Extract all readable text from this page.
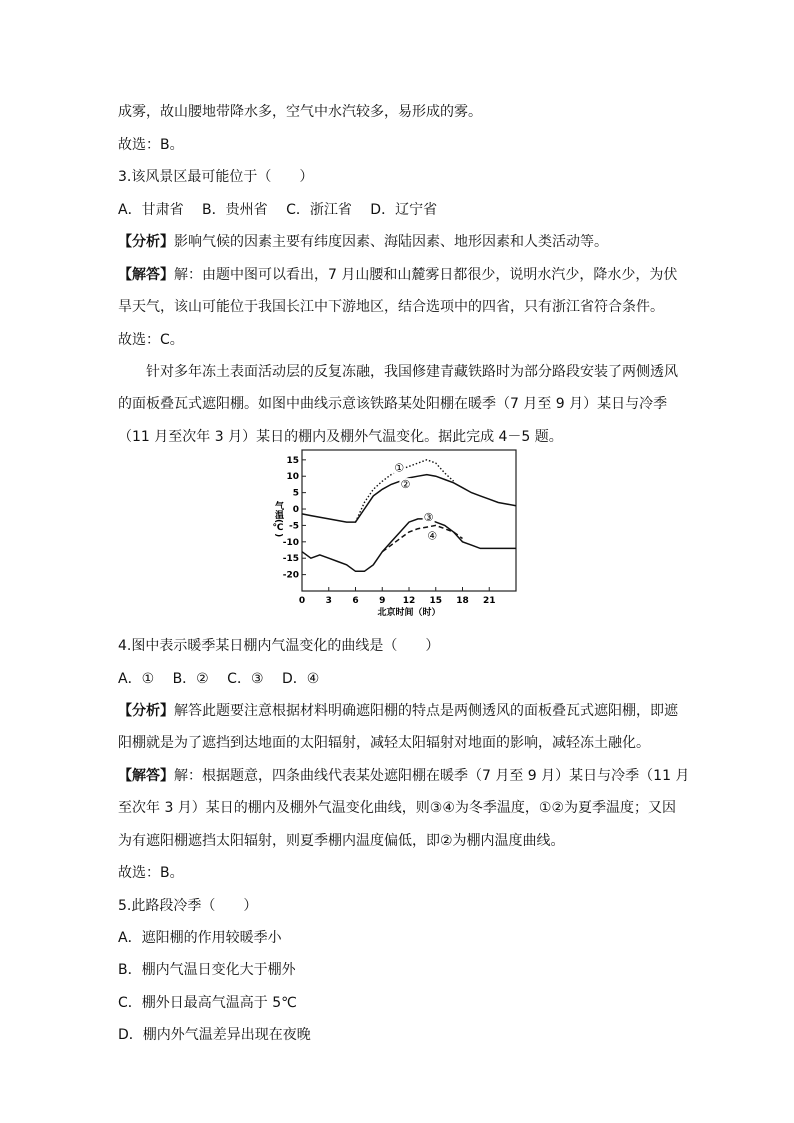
成雾，故山腰地带降水多，空气中水汽较多，易形成的雾。
故选：B。
3.该风景区最可能位于（　　）
A．甘肃省　 B．贵州省　 C．浙江省　 D．辽宁省
【分析】影响气候的因素主要有纬度因素、海陆因素、地形因素和人类活动等。
【解答】解：由题中图可以看出，7 月山腰和山麓雾日都很少，说明水汽少，降水少，为伏
旱天气，该山可能位于我国长江中下游地区，结合选项中的四省，只有浙江省符合条件。
故选：C。
针对多年冻土表面活动层的反复冻融，我国修建青藏铁路时为部分路段安装了两侧透风
的面板叠瓦式遮阳棚。如图中曲线示意该铁路某处阳棚在暖季（7 月至 9 月）某日与冷季
（11 月至次年 3 月）某日的棚内及棚外气温变化。据此完成 4－5 题。
4.图中表示暖季某日棚内气温变化的曲线是（　　）
A．①　 B．②　 C．③　 D．④
【分析】解答此题要注意根据材料明确遮阳棚的特点是两侧透风的面板叠瓦式遮阳棚，即遮
阳棚就是为了遮挡到达地面的太阳辐射，减轻太阳辐射对地面的影响，减轻冻土融化。
【解答】解：根据题意，四条曲线代表某处遮阳棚在暖季（7 月至 9 月）某日与冷季（11 月
至次年 3 月）某日的棚内及棚外气温变化曲线，则③④为冬季温度，①②为夏季温度；又因
为有遮阳棚遮挡太阳辐射，则夏季棚内温度偏低，即②为棚内温度曲线。
故选：B。
5.此路段冷季（　　）
A．遮阳棚的作用较暖季小
B．棚内气温日变化大于棚外
C．棚外日最高气温高于 5℃
D．棚内外气温差异出现在夜晚
0 3 6 9 12 15 18 21
15
10
5
0
-5
-10
-15
-20
气温(℃)
北京时间（时）
①
②
③
④
